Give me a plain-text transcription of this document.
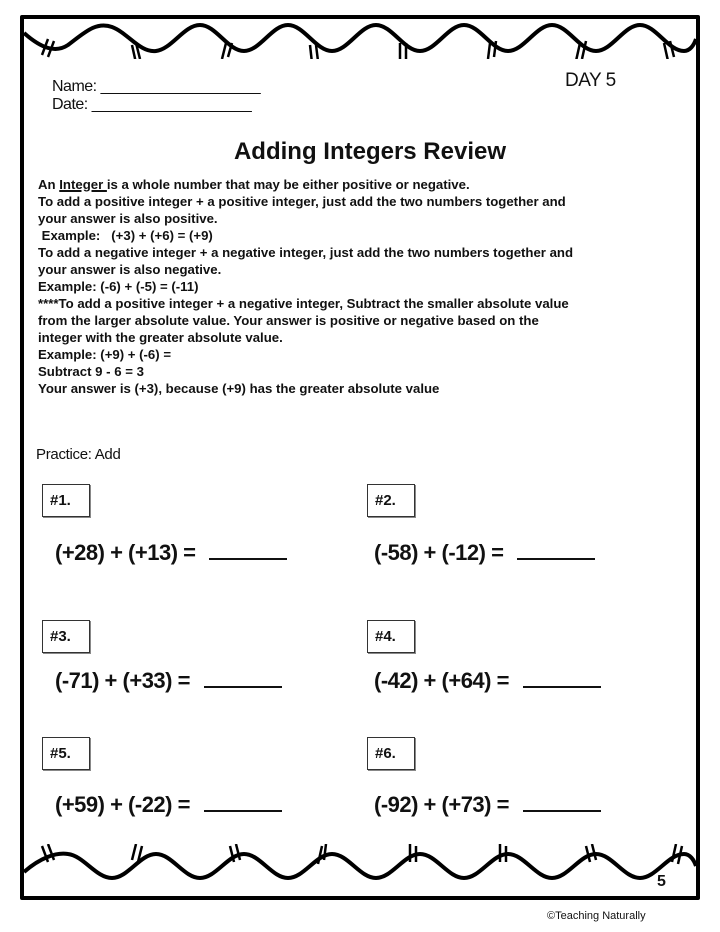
Name: ___________________
Date: ___________________
DAY 5
Adding Integers Review
An Integer is a whole number that may be either positive or negative.
To add a positive integer + a positive integer, just add the two numbers together and
your answer is also positive.
Example:   (+3) + (+6) = (+9)
To add a negative integer + a negative integer, just add the two numbers together and
your answer is also negative.
Example: (-6) + (-5) = (-11)
****To add a positive integer + a negative integer, Subtract the smaller absolute value
from the larger absolute value. Your answer is positive or negative based on the
integer with the greater absolute value.
Example: (+9) + (-6) =
Subtract 9 - 6 = 3
Your answer is (+3), because (+9) has the greater absolute value
Practice: Add
#1.
(+28) + (+13) =
#2.
(-58) + (-12) =
#3.
(-71) + (+33) =
#4.
(-42) + (+64) =
#5.
(+59) + (-22) =
#6.
(-92) + (+73) =
5
©Teaching Naturally
